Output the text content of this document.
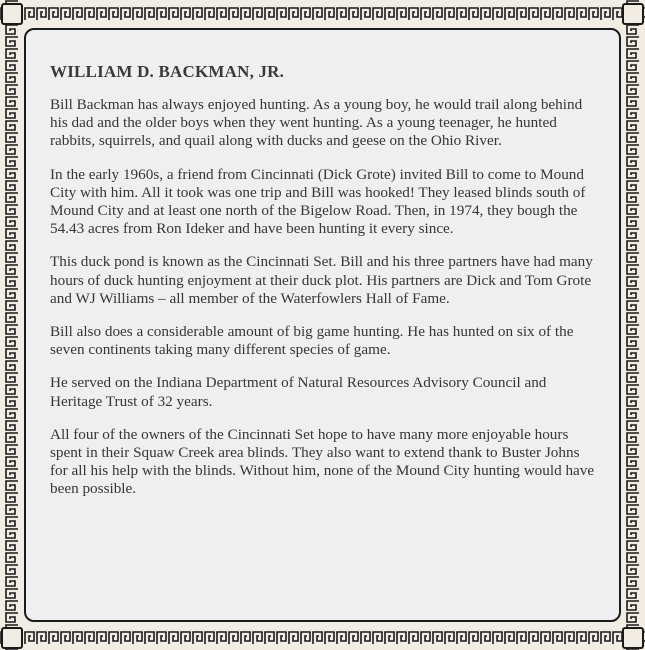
WILLIAM D. BACKMAN, JR.

Bill Backman has always enjoyed hunting. As a young boy, he would trail along behind his dad and the older boys when they went hunting. As a young teenager, he hunted rabbits, squirrels, and quail along with ducks and geese on the Ohio River.

In the early 1960s, a friend from Cincinnati (Dick Grote) invited Bill to come to Mound City with him. All it took was one trip and Bill was hooked! They leased blinds south of Mound City and at least one north of the Bigelow Road. Then, in 1974, they bough the 54.43 acres from Ron Ideker and have been hunting it every since.

This duck pond is known as the Cincinnati Set. Bill and his three partners have had many hours of duck hunting enjoyment at their duck plot. His partners are Dick and Tom Grote and WJ Williams – all member of the Waterfowlers Hall of Fame.

Bill also does a considerable amount of big game hunting. He has hunted on six of the seven continents taking many different species of game.

He served on the Indiana Department of Natural Resources Advisory Council and Heritage Trust of 32 years.

All four of the owners of the Cincinnati Set hope to have many more enjoyable hours spent in their Squaw Creek area blinds. They also want to extend thank to Buster Johns for all his help with the blinds. Without him, none of the Mound City hunting would have been possible.
